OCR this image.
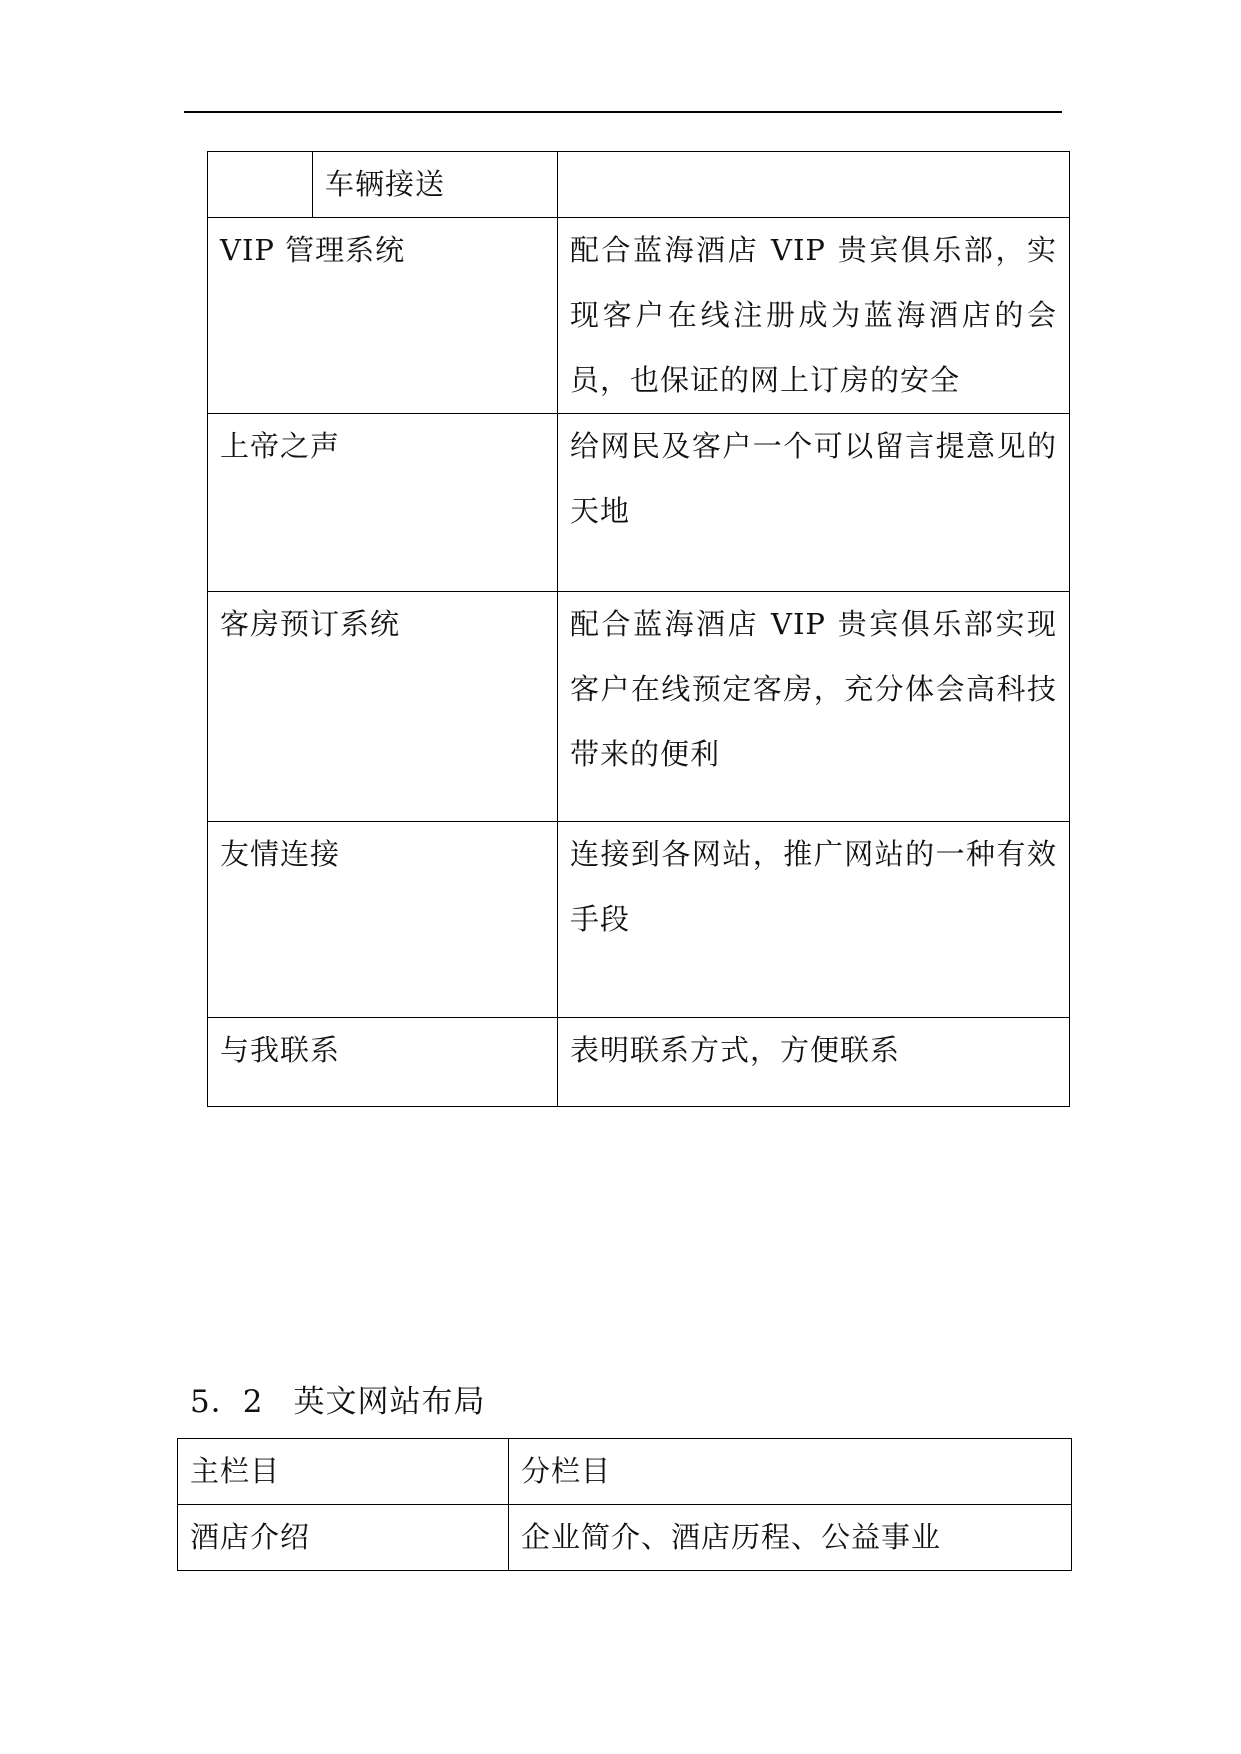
	车辆接送	
VIP 管理系统		配合蓝海酒店 VIP 贵宾俱乐部，实现客户在线注册成为蓝海酒店的会员，也保证的网上订房的安全
上帝之声		给网民及客户一个可以留言提意见的天地
客房预订系统		配合蓝海酒店 VIP 贵宾俱乐部实现客户在线预定客房，充分体会高科技带来的便利
友情连接		连接到各网站，推广网站的一种有效手段
与我联系		表明联系方式，方便联系
5．2 英文网站布局
主栏目	分栏目
酒店介绍	企业简介、酒店历程、公益事业
